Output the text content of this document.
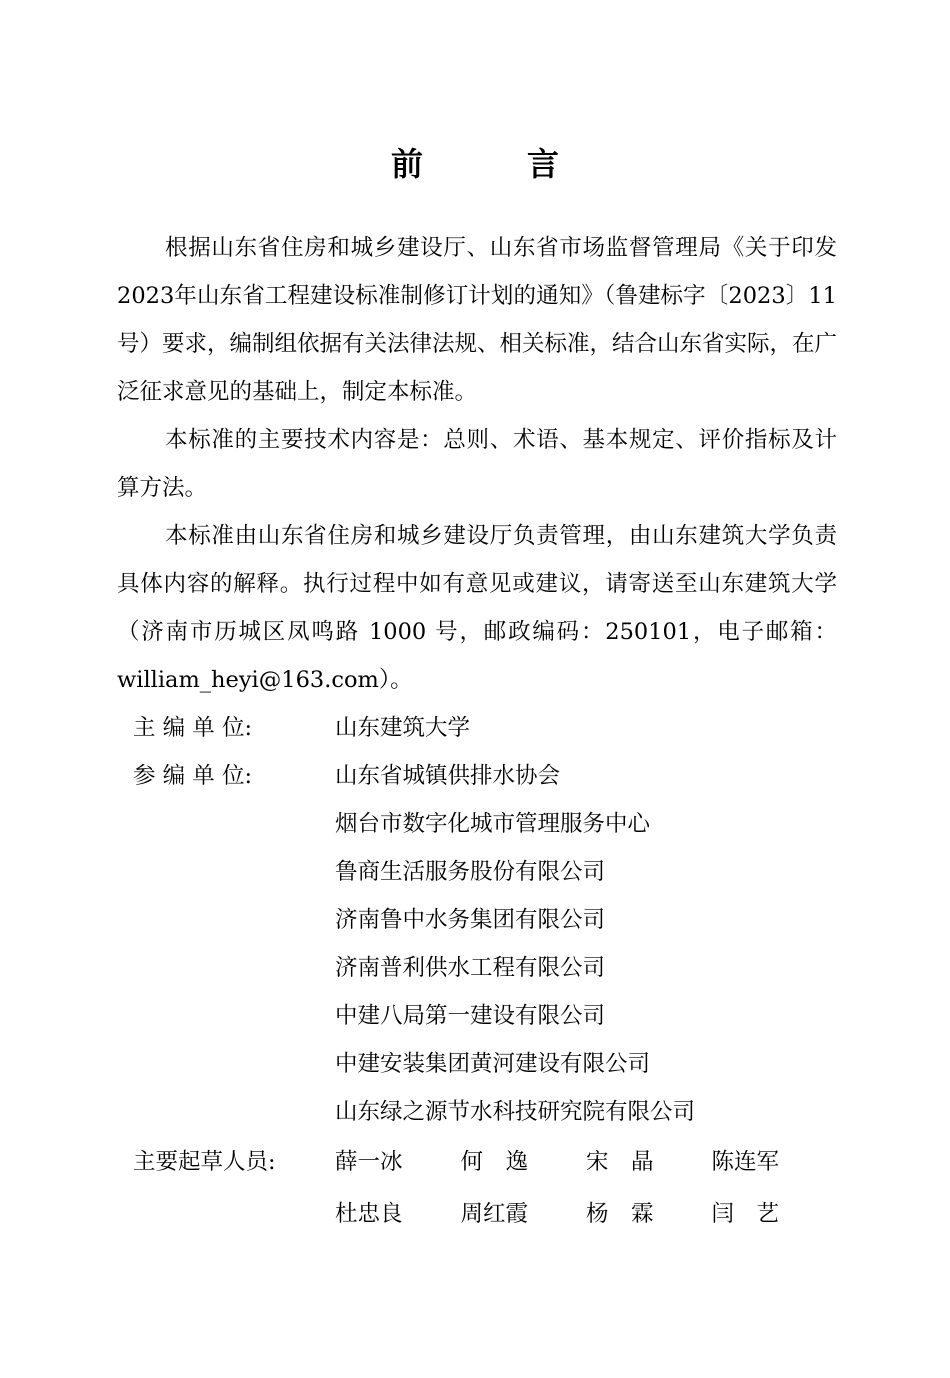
前　言

根据山东省住房和城乡建设厅、山东省市场监督管理局《关于印发2023年山东省工程建设标准制修订计划的通知》（鲁建标字〔2023〕11号）要求，编制组依据有关法律法规、相关标准，结合山东省实际，在广泛征求意见的基础上，制定本标准。

本标准的主要技术内容是：总则、术语、基本规定、评价指标及计算方法。

本标准由山东省住房和城乡建设厅负责管理，由山东建筑大学负责具体内容的解释。执行过程中如有意见或建议，请寄送至山东建筑大学（济南市历城区凤鸣路 1000 号，邮政编码：250101，电子邮箱：william_heyi@163.com）。

主 编 单 位:	山东建筑大学
参 编 单 位:	山东省城镇供排水协会
烟台市数字化城市管理服务中心
鲁商生活服务股份有限公司
济南鲁中水务集团有限公司
济南普利供水工程有限公司
中建八局第一建设有限公司
中建安装集团黄河建设有限公司
山东绿之源节水科技研究院有限公司
主要起草人员:	薛一冰	何　逸	宋　晶	陈连军
杜忠良	周红霞	杨　霖	闫　艺
